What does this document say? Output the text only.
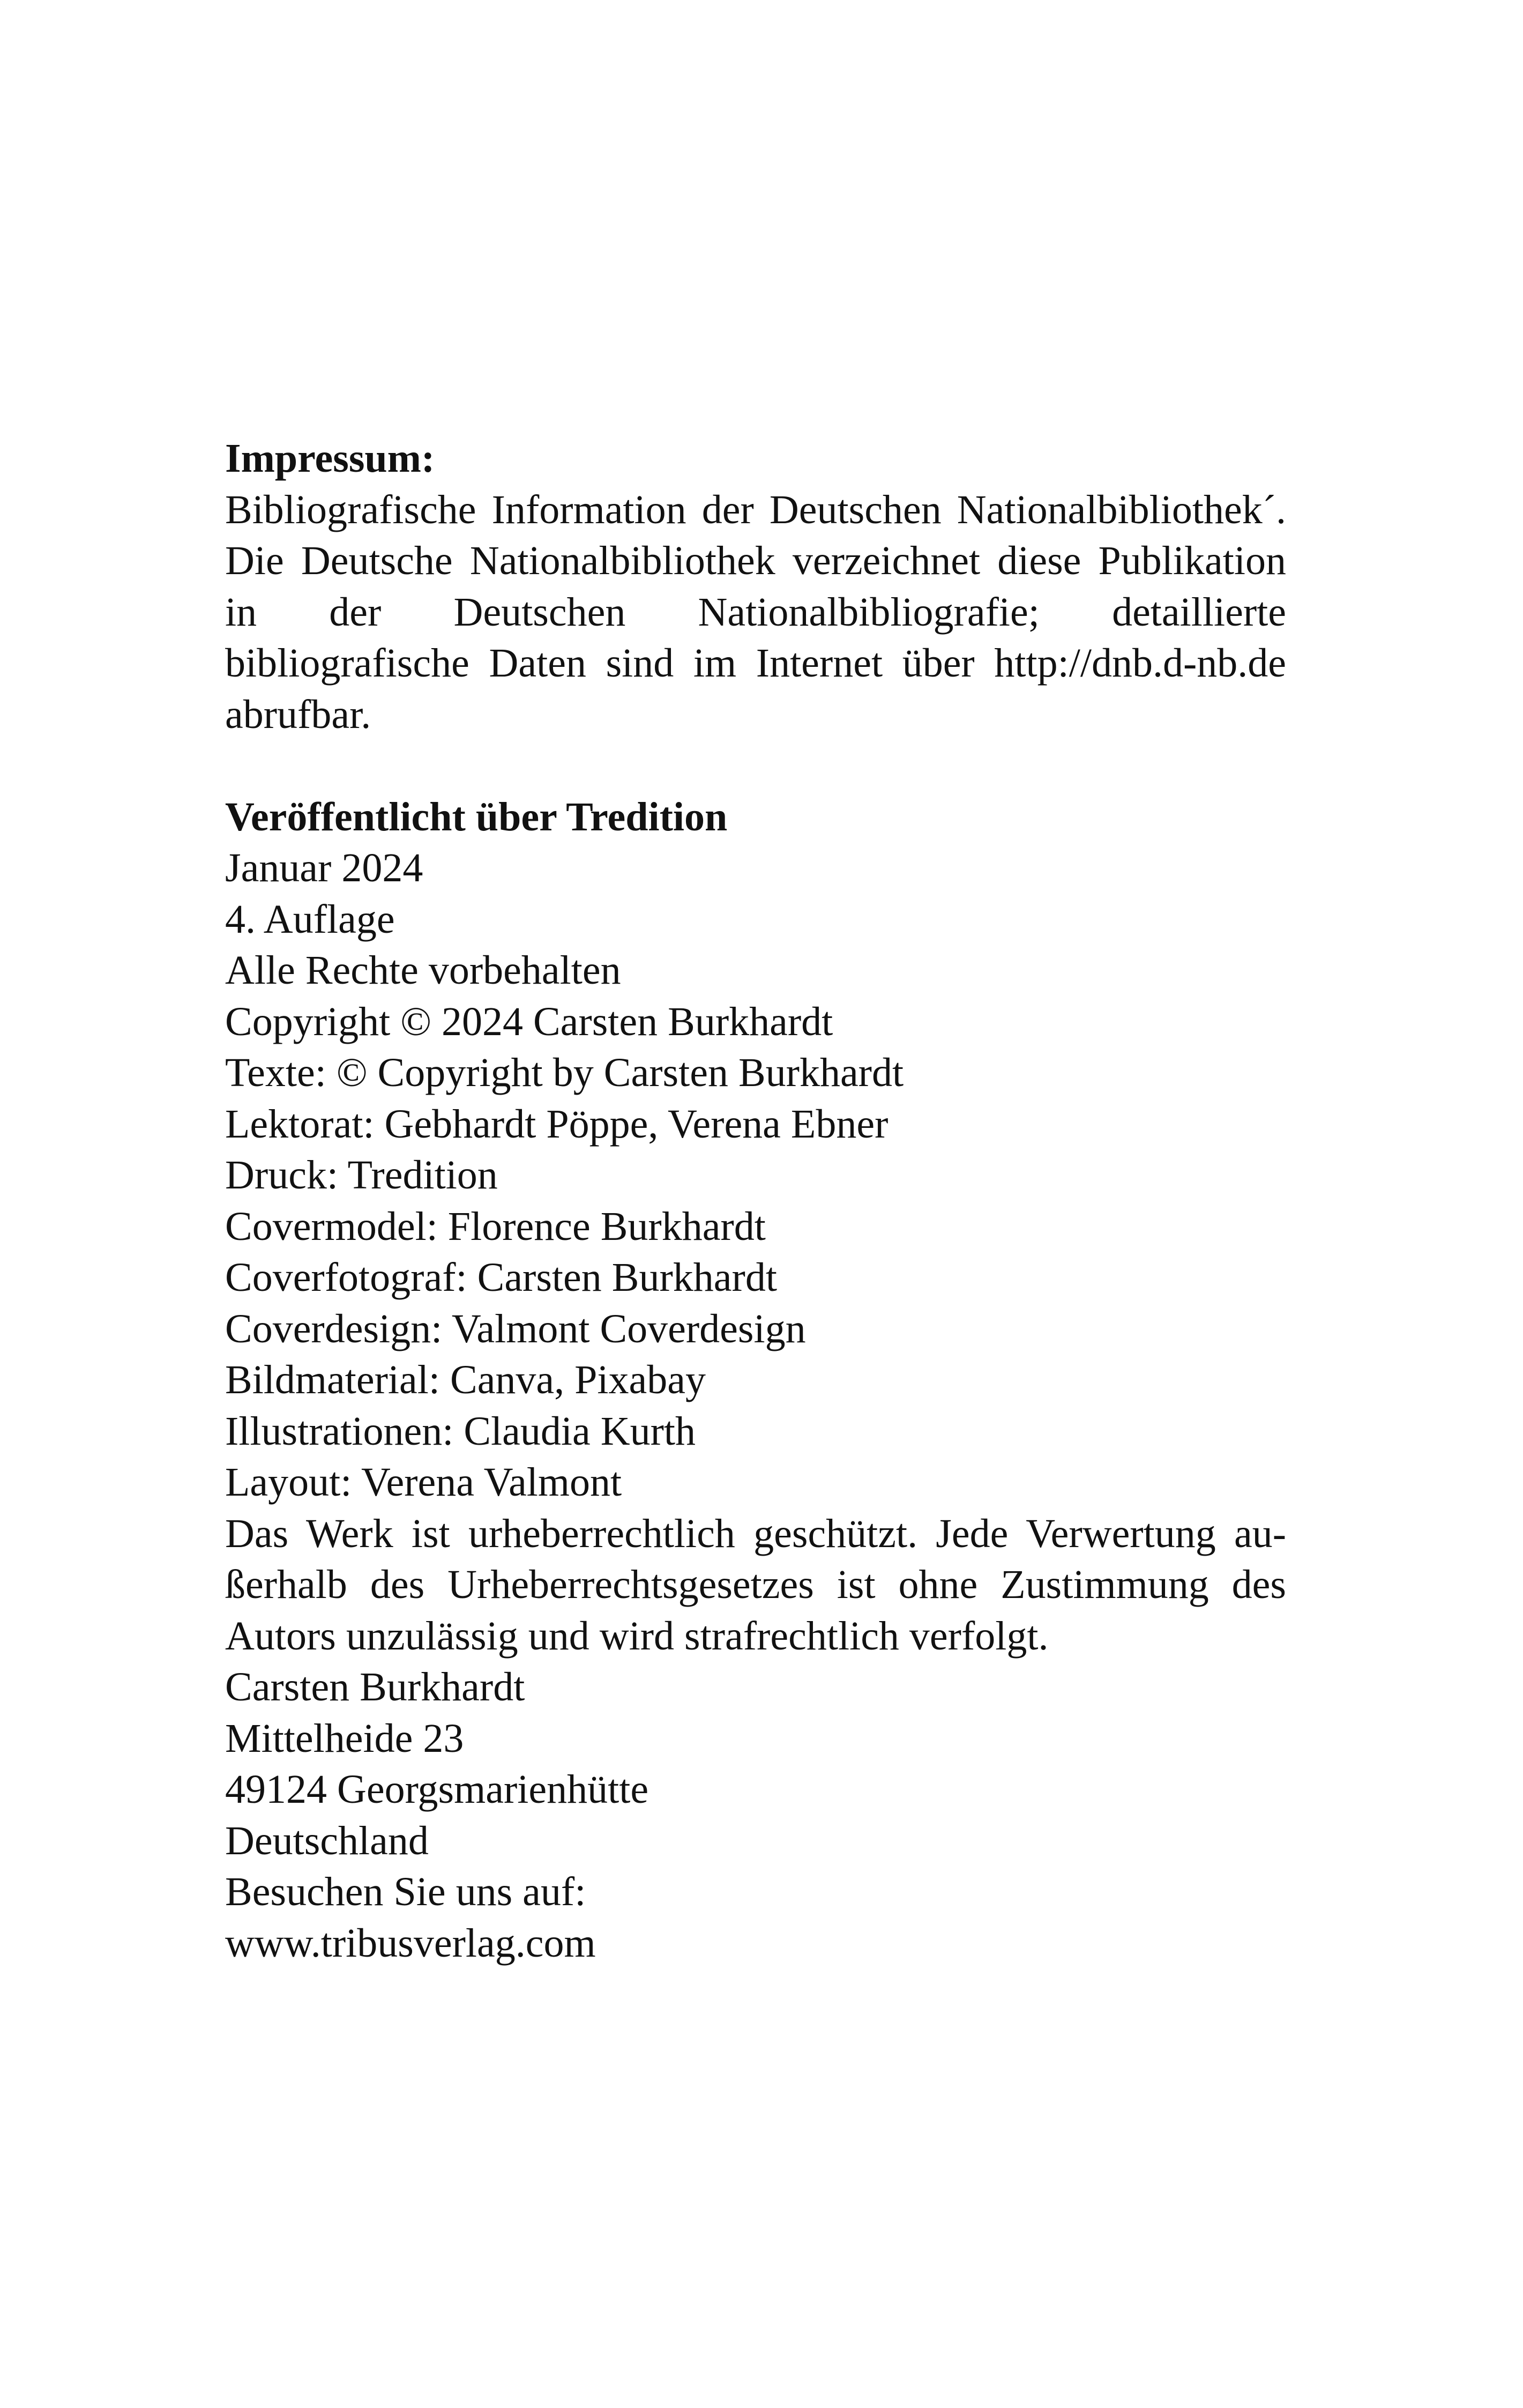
Impressum:

Bibliografische Information der Deutschen Nationalbibliothek´. Die Deutsche Nationalbibliothek verzeichnet diese Publikation in der Deutschen Nationalbibliografie; detaillierte bibliografische Daten sind im Internet über http://dnb.d-nb.de abrufbar.

Veröffentlicht über Tredition

Januar 2024

4. Auflage

Alle Rechte vorbehalten

Copyright © 2024 Carsten Burkhardt

Texte: © Copyright by Carsten Burkhardt

Lektorat: Gebhardt Pöppe, Verena Ebner

Druck: Tredition

Covermodel: Florence Burkhardt

Coverfotograf: Carsten Burkhardt

Coverdesign: Valmont Coverdesign

Bildmaterial: Canva, Pixabay

Illustrationen: Claudia Kurth

Layout: Verena Valmont

Das Werk ist urheberrechtlich geschützt. Jede Verwertung außerhalb des Urheberrechtsgesetzes ist ohne Zustimmung des Autors unzulässig und wird strafrechtlich verfolgt.

Carsten Burkhardt

Mittelheide 23

49124 Georgsmarienhütte

Deutschland

Besuchen Sie uns auf:

www.tribusverlag.com
